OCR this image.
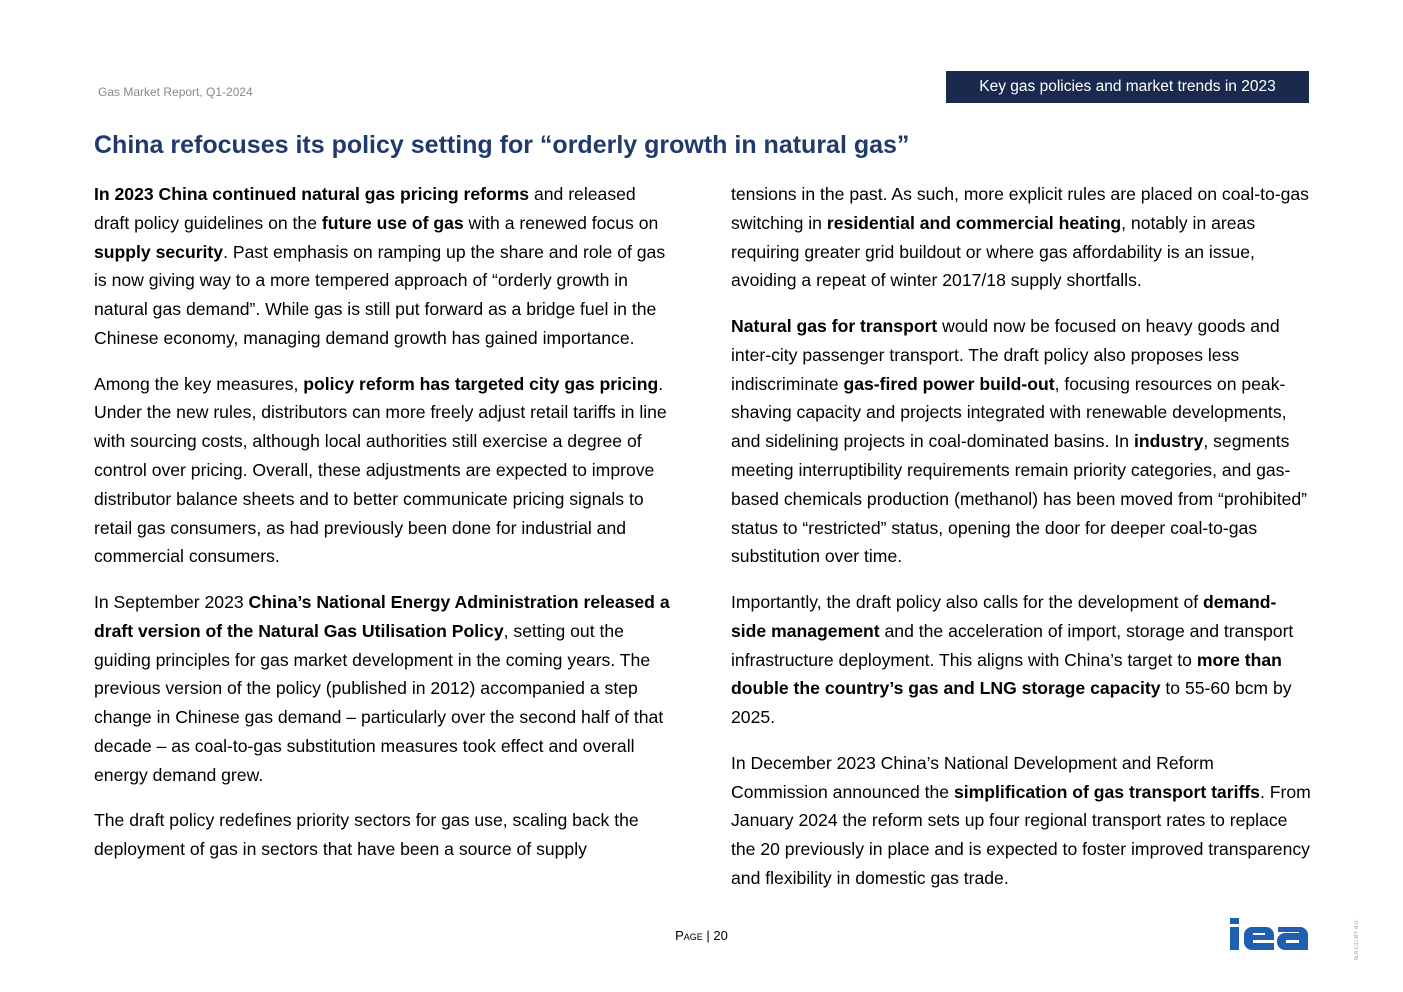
Gas Market Report, Q1-2024	Key gas policies and market trends in 2023
China refocuses its policy setting for “orderly growth in natural gas”

In 2023 China continued natural gas pricing reforms and released draft policy guidelines on the future use of gas with a renewed focus on supply security. Past emphasis on ramping up the share and role of gas is now giving way to a more tempered approach of “orderly growth in natural gas demand”. While gas is still put forward as a bridge fuel in the Chinese economy, managing demand growth has gained importance.

Among the key measures, policy reform has targeted city gas pricing. Under the new rules, distributors can more freely adjust retail tariffs in line with sourcing costs, although local authorities still exercise a degree of control over pricing. Overall, these adjustments are expected to improve distributor balance sheets and to better communicate pricing signals to retail gas consumers, as had previously been done for industrial and commercial consumers.

In September 2023 China’s National Energy Administration released a draft version of the Natural Gas Utilisation Policy, setting out the guiding principles for gas market development in the coming years. The previous version of the policy (published in 2012) accompanied a step change in Chinese gas demand – particularly over the second half of that decade – as coal-to-gas substitution measures took effect and overall energy demand grew.

The draft policy redefines priority sectors for gas use, scaling back the deployment of gas in sectors that have been a source of supply

tensions in the past. As such, more explicit rules are placed on coal-to-gas switching in residential and commercial heating, notably in areas requiring greater grid buildout or where gas affordability is an issue, avoiding a repeat of winter 2017/18 supply shortfalls.

Natural gas for transport would now be focused on heavy goods and inter-city passenger transport. The draft policy also proposes less indiscriminate gas-fired power build-out, focusing resources on peak-shaving capacity and projects integrated with renewable developments, and sidelining projects in coal-dominated basins. In industry, segments meeting interruptibility requirements remain priority categories, and gas-based chemicals production (methanol) has been moved from “prohibited” status to “restricted” status, opening the door for deeper coal-to-gas substitution over time.

Importantly, the draft policy also calls for the development of demand-side management and the acceleration of import, storage and transport infrastructure deployment. This aligns with China’s target to more than double the country’s gas and LNG storage capacity to 55-60 bcm by 2025.

In December 2023 China’s National Development and Reform Commission announced the simplification of gas transport tariffs. From January 2024 the reform sets up four regional transport rates to replace the 20 previously in place and is expected to foster improved transparency and flexibility in domestic gas trade.

Page | 20	IEA CC BY 4.0.
